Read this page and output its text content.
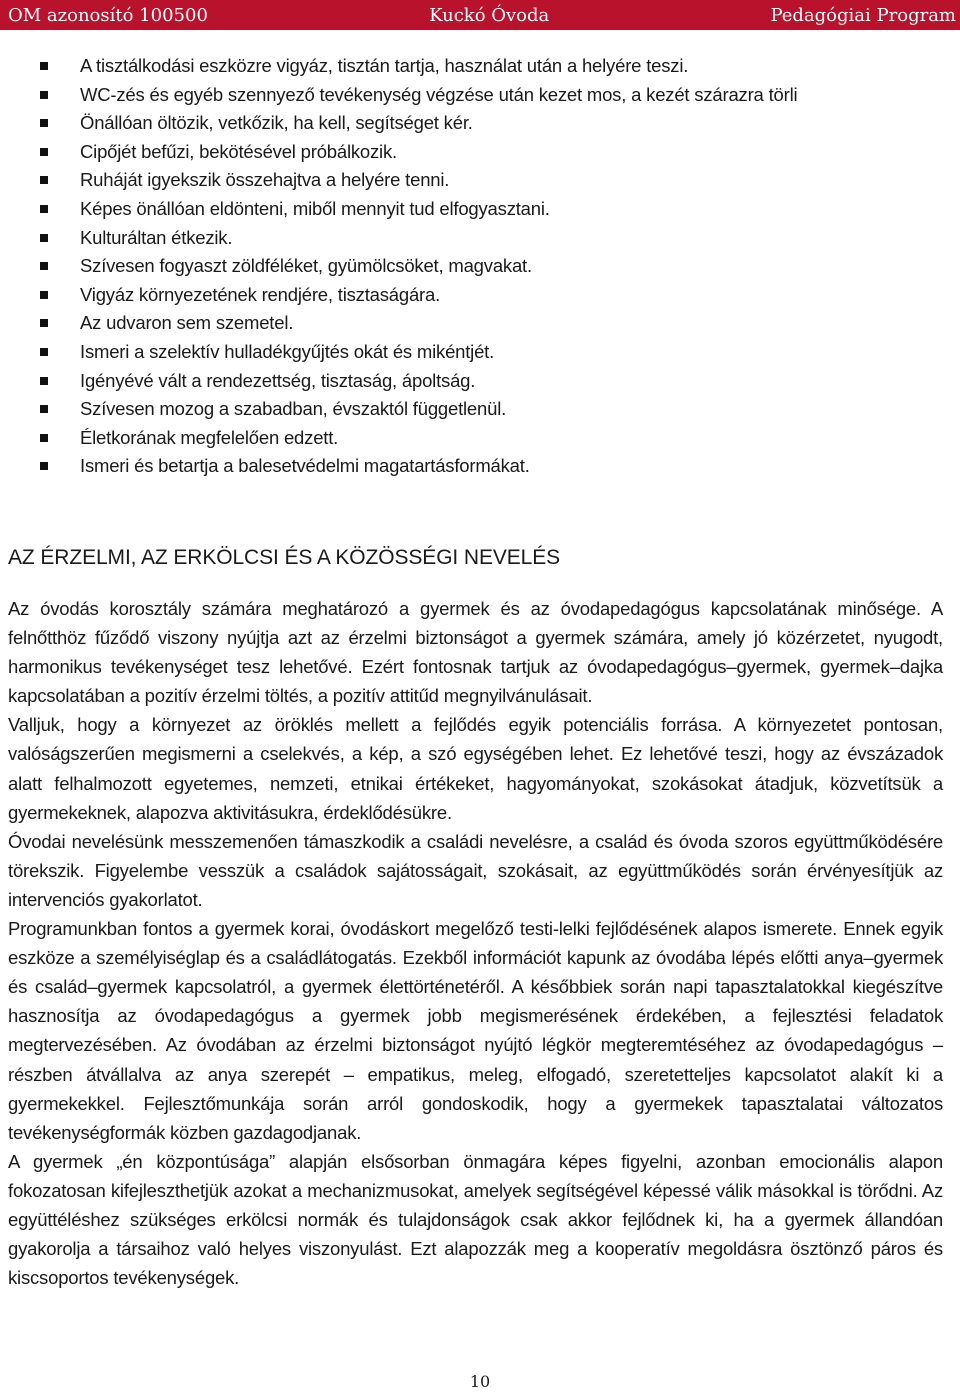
OM azonosító 100500	Kuckó Óvoda	Pedagógiai Program
A tisztálkodási eszközre vigyáz, tisztán tartja, használat után a helyére teszi.
WC-zés és egyéb szennyező tevékenység végzése után kezet mos, a kezét szárazra törli
Önállóan öltözik, vetkőzik, ha kell, segítséget kér.
Cipőjét befűzi, bekötésével próbálkozik.
Ruháját igyekszik összehajtva a helyére tenni.
Képes önállóan eldönteni, miből mennyit tud elfogyasztani.
Kulturáltan étkezik.
Szívesen fogyaszt zöldféléket, gyümölcsöket, magvakat.
Vigyáz környezetének rendjére, tisztaságára.
Az udvaron sem szemetel.
Ismeri a szelektív hulladékgyűjtés okát és mikéntjét.
Igényévé vált a rendezettség, tisztaság, ápoltság.
Szívesen mozog a szabadban, évszaktól függetlenül.
Életkorának megfelelően edzett.
Ismeri és betartja a balesetvédelmi magatartásformákat.
AZ ÉRZELMI, AZ ERKÖLCSI ÉS A KÖZÖSSÉGI NEVELÉS

Az óvodás korosztály számára meghatározó a gyermek és az óvodapedagógus kapcsolatának minősége. A felnőtthöz fűződő viszony nyújtja azt az érzelmi biztonságot a gyermek számára, amely jó közérzetet, nyugodt, harmonikus tevékenységet tesz lehetővé. Ezért fontosnak tartjuk az óvodapedagógus–gyermek, gyermek–dajka kapcsolatában a pozitív érzelmi töltés, a pozitív attitűd megnyilvánulásait.

Valljuk, hogy a környezet az öröklés mellett a fejlődés egyik potenciális forrása. A környezetet pontosan, valóságszerűen megismerni a cselekvés, a kép, a szó egységében lehet. Ez lehetővé teszi, hogy az évszázadok alatt felhalmozott egyetemes, nemzeti, etnikai értékeket, hagyományokat, szokásokat átadjuk, közvetítsük a gyermekeknek, alapozva aktivitásukra, érdeklődésükre.

Óvodai nevelésünk messzemenően támaszkodik a családi nevelésre, a család és óvoda szoros együttműködésére törekszik. Figyelembe vesszük a családok sajátosságait, szokásait, az együttműködés során érvényesítjük az intervenciós gyakorlatot.

Programunkban fontos a gyermek korai, óvodáskort megelőző testi-lelki fejlődésének alapos ismerete. Ennek egyik eszköze a személyiséglap és a családlátogatás. Ezekből információt kapunk az óvodába lépés előtti anya–gyermek és család–gyermek kapcsolatról, a gyermek élettörténetéről. A későbbiek során napi tapasztalatokkal kiegészítve hasznosítja az óvodapedagógus a gyermek jobb megismerésének érdekében, a fejlesztési feladatok megtervezésében. Az óvodában az érzelmi biztonságot nyújtó légkör megteremtéséhez az óvodapedagógus – részben átvállalva az anya szerepét – empatikus, meleg, elfogadó, szeretetteljes kapcsolatot alakít ki a gyermekekkel. Fejlesztőmunkája során arról gondoskodik, hogy a gyermekek tapasztalatai változatos tevékenységformák közben gazdagodjanak.

A gyermek „én központúsága” alapján elsősorban önmagára képes figyelni, azonban emocionális alapon fokozatosan kifejleszthetjük azokat a mechanizmusokat, amelyek segítségével képessé válik másokkal is törődni. Az együttéléshez szükséges erkölcsi normák és tulajdonságok csak akkor fejlődnek ki, ha a gyermek állandóan gyakorolja a társaihoz való helyes viszonyulást. Ezt alapozzák meg a kooperatív megoldásra ösztönző páros és kiscsoportos tevékenységek.

10
